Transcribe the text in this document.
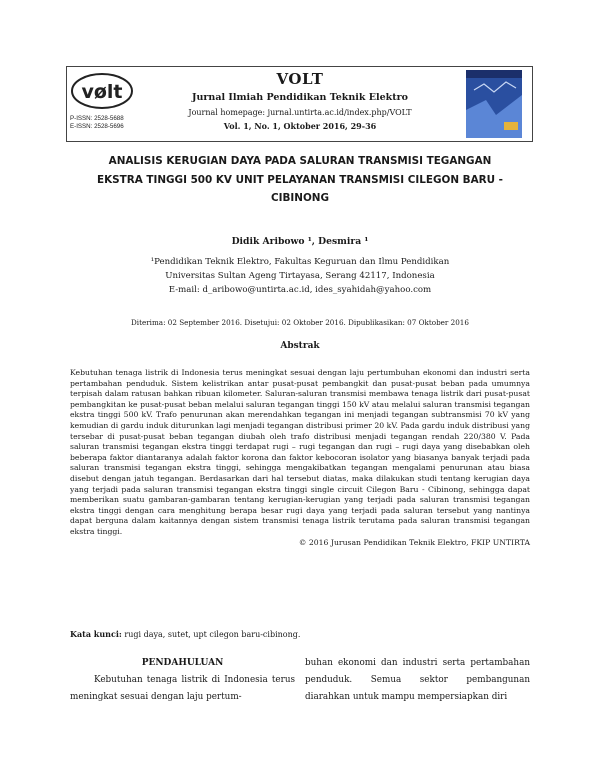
vølt
P-ISSN: 2528-5688
E-ISSN: 2528-5696
VOLT
Jurnal Ilmiah Pendidikan Teknik Elektro
Journal homepage: jurnal.untirta.ac.id/index.php/VOLT
Vol. 1, No. 1, Oktober 2016, 29-36
ANALISIS KERUGIAN DAYA PADA SALURAN TRANSMISI TEGANGAN
EKSTRA TINGGI 500 KV UNIT PELAYANAN TRANSMISI CILEGON BARU -
CIBINONG
Didik Aribowo ¹, Desmira ¹
¹Pendidikan Teknik Elektro, Fakultas Keguruan dan Ilmu Pendidikan
Universitas Sultan Ageng Tirtayasa, Serang 42117, Indonesia
E-mail: d_aribowo@untirta.ac.id, ides_syahidah@yahoo.com
Diterima: 02 September 2016. Disetujui: 02 Oktober 2016. Dipublikasikan: 07 Oktober 2016
Abstrak

Kebutuhan tenaga listrik di Indonesia terus meningkat sesuai dengan laju pertumbuhan ekonomi dan industri serta pertambahan penduduk. Sistem kelistrikan antar pusat-pusat pembangkit dan pusat-pusat beban pada umumnya terpisah dalam ratusan bahkan ribuan kilometer. Saluran-saluran transmisi membawa tenaga listrik dari pusat-pusat pembangkitan ke pusat-pusat beban melalui saluran tegangan tinggi 150 kV atau melalui saluran transmisi tegangan ekstra tinggi 500 kV. Trafo penurunan akan merendahkan tegangan ini menjadi tegangan subtransmisi 70 kV yang kemudian di gardu induk diturunkan lagi menjadi tegangan distribusi primer 20 kV. Pada gardu induk distribusi yang tersebar di pusat-pusat beban tegangan diubah oleh trafo distribusi menjadi tegangan rendah 220/380 V. Pada saluran transmisi tegangan ekstra tinggi terdapat rugi – rugi tegangan dan rugi – rugi daya yang disebabkan oleh beberapa faktor diantaranya adalah faktor korona dan faktor kebocoran isolator yang biasanya banyak terjadi pada saluran transmisi tegangan ekstra tinggi, sehingga mengakibatkan tegangan mengalami penurunan atau biasa disebut dengan jatuh tegangan. Berdasarkan dari hal tersebut diatas, maka dilakukan studi tentang kerugian daya yang terjadi pada saluran transmisi tegangan ekstra tinggi single circuit Cilegon Baru - Cibinong, sehingga dapat memberikan suatu gambaran-gambaran tentang kerugian-kerugian yang terjadi pada saluran transmisi tegangan ekstra tinggi dengan cara menghitung berapa besar rugi daya yang terjadi pada saluran tersebut yang nantinya dapat berguna dalam kaitannya dengan sistem transmisi tenaga listrik terutama pada saluran transmisi tegangan ekstra tinggi.

© 2016 Jurusan Pendidikan Teknik Elektro, FKIP UNTIRTA

Kata kunci: rugi daya, sutet, upt cilegon baru-cibinong.
PENDAHULUAN

Kebutuhan tenaga listrik di Indonesia terus meningkat sesuai dengan laju pertum-

buhan ekonomi dan industri serta pertambahan penduduk. Semua sektor pembangunan diarahkan untuk mampu mempersiapkan diri
